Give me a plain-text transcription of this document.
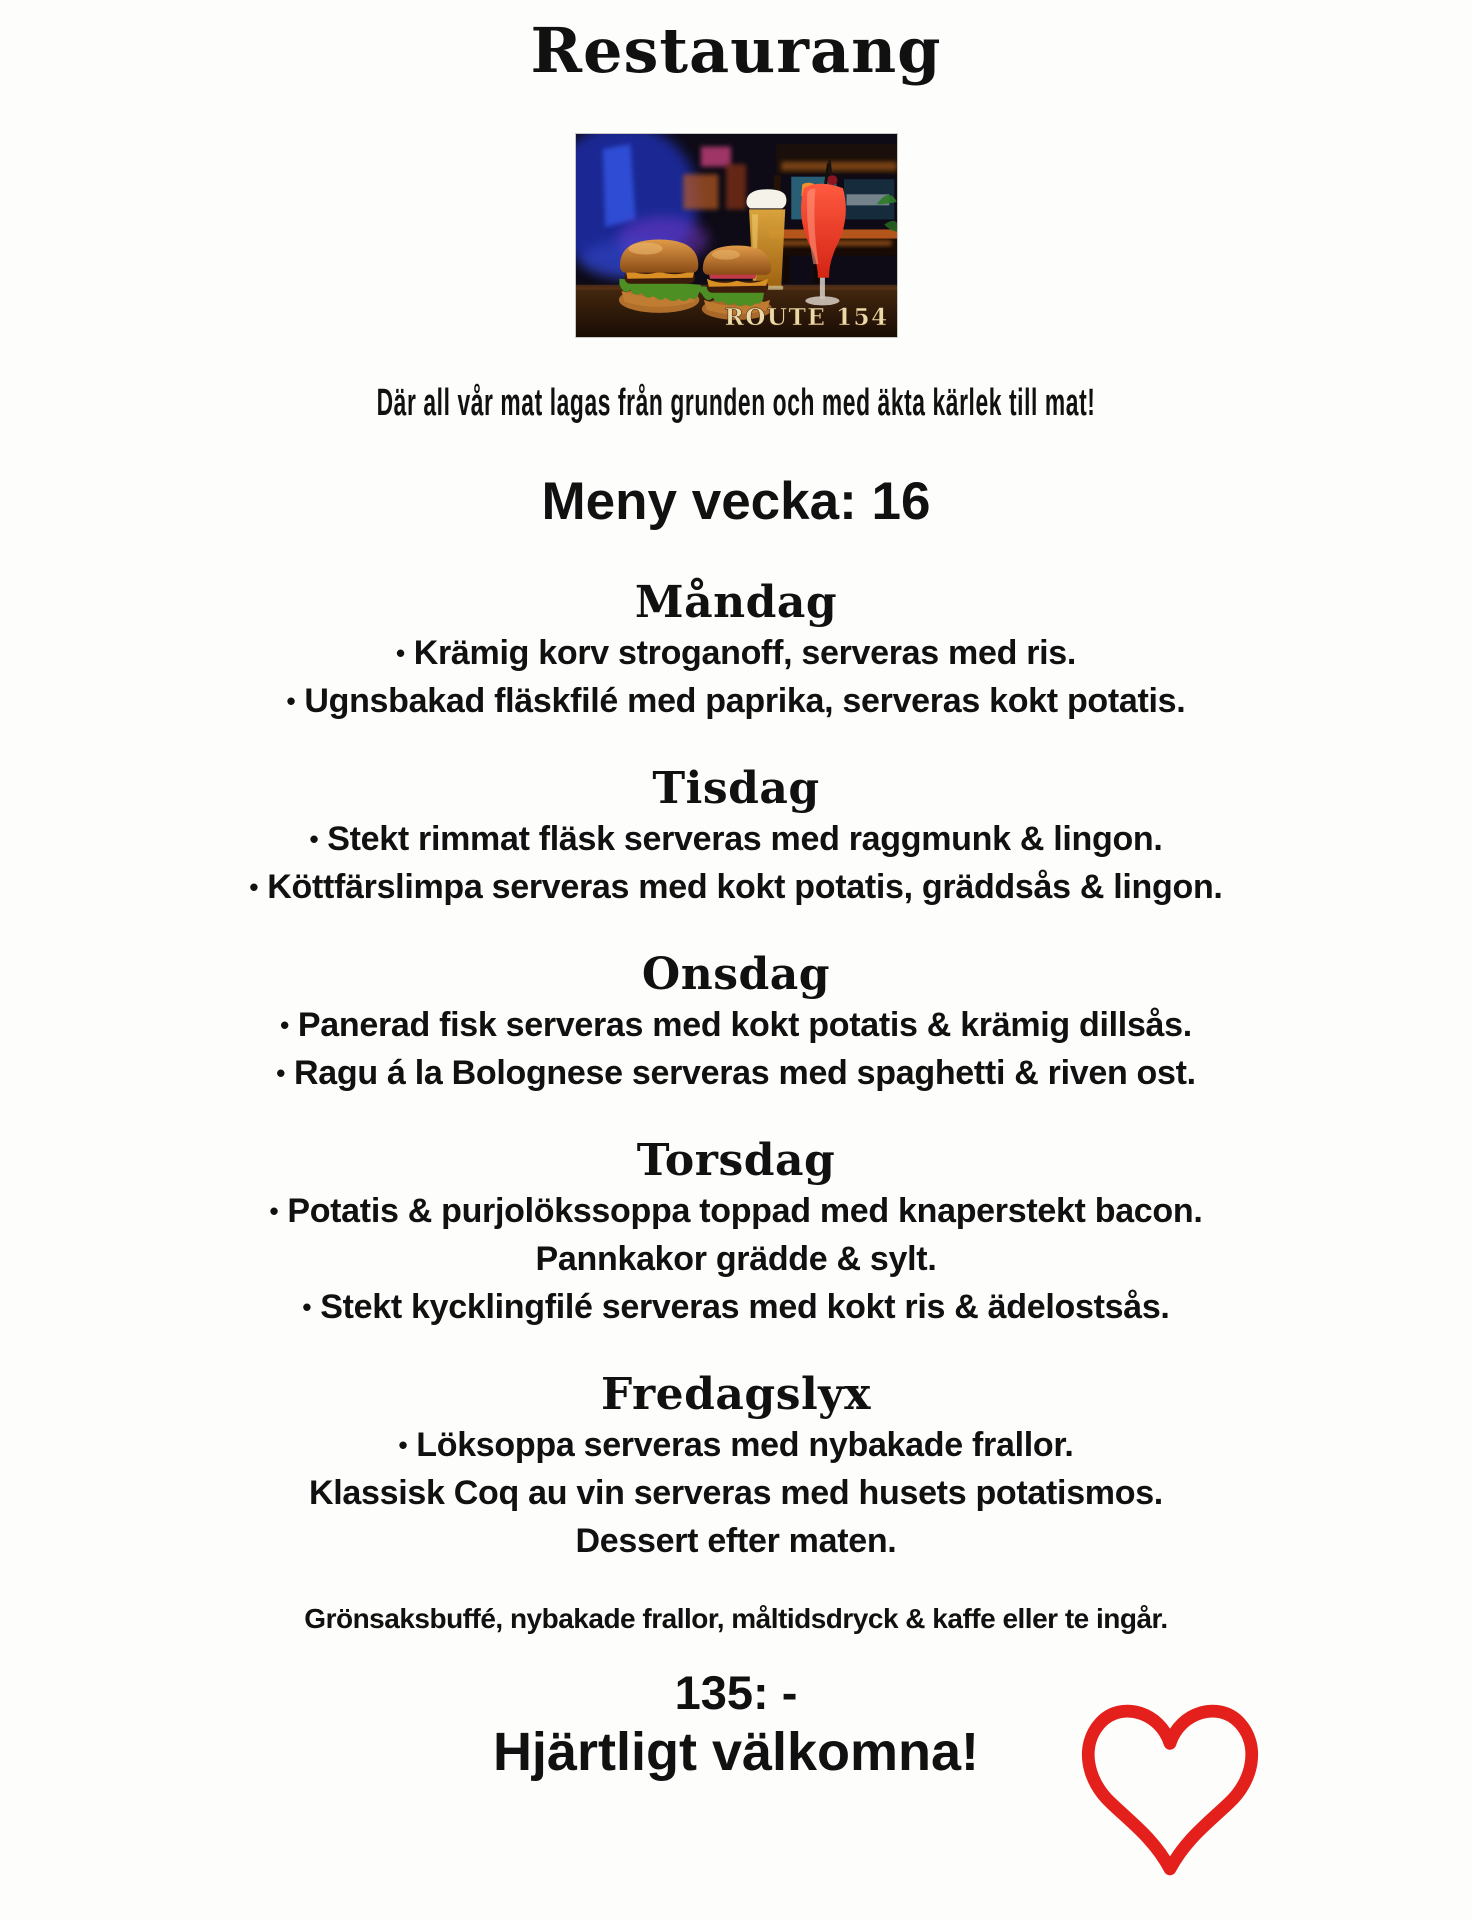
Restaurang
ROUTE 154
Där all vår mat lagas från grunden och med äkta kärlek till mat!
Meny vecka: 16
Måndag
• Krämig korv stroganoff, serveras med ris.
• Ugnsbakad fläskfilé med paprika, serveras kokt potatis.
Tisdag
• Stekt rimmat fläsk serveras med raggmunk & lingon.
• Köttfärslimpa serveras med kokt potatis, gräddsås & lingon.
Onsdag
• Panerad fisk serveras med kokt potatis & krämig dillsås.
• Ragu á la Bolognese serveras med spaghetti & riven ost.
Torsdag
• Potatis & purjolökssoppa toppad med knaperstekt bacon.
Pannkakor grädde & sylt.
• Stekt kycklingfilé serveras med kokt ris & ädelostsås.
Fredagslyx
• Löksoppa serveras med nybakade frallor.
Klassisk Coq au vin serveras med husets potatismos.
Dessert efter maten.
Grönsaksbuffé, nybakade frallor, måltidsdryck & kaffe eller te ingår.
135: -
Hjärtligt välkomna!
